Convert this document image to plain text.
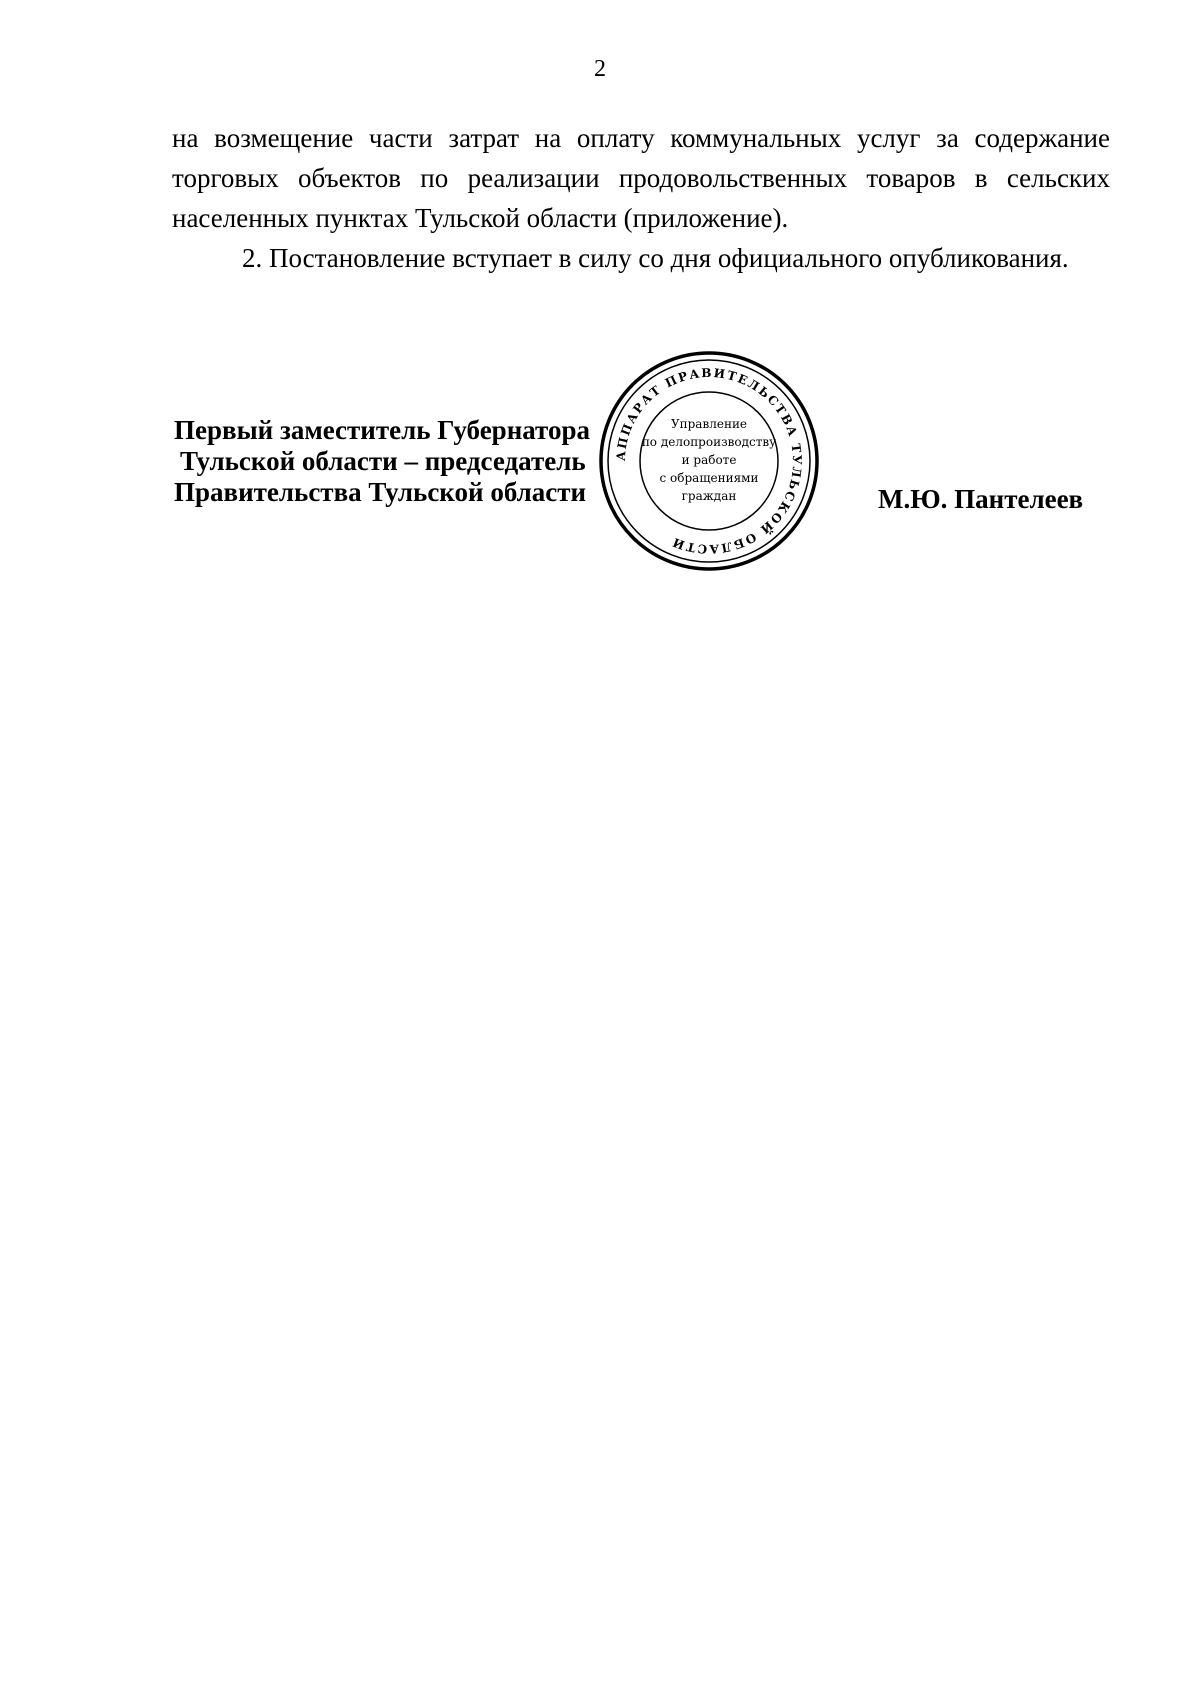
2

на возмещение части затрат на оплату коммунальных услуг за содержание торговых объектов по реализации продовольственных товаров в сельских населенных пунктах Тульской области (приложение).

2. Постановление вступает в силу со дня официального опубликования.

Первый заместитель Губернатора
Тульской области – председатель
Правительства Тульской области	М.Ю. Пантелеев
АППАРАТ ПРАВИТЕЛЬСТВА ТУЛЬСКОЙ ОБЛАСТИ
Управление
по делопроизводству
и работе
с обращениями
граждан
